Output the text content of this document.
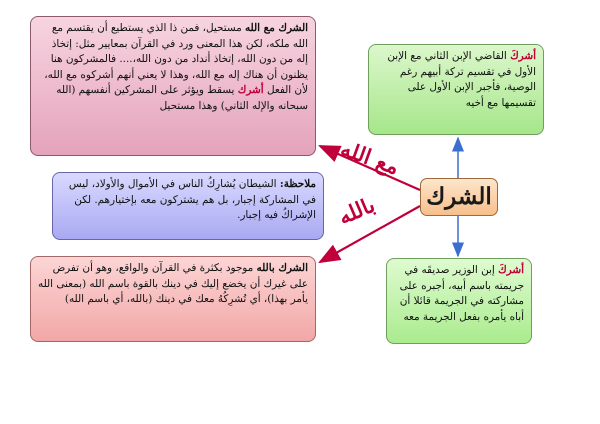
الشرك مع الله مستحيل، فمن ذا الذي يستطيع أن يقتسم مع الله ملكه، لكن هذا المعنى ورد في القرآن بمعايير مثل: إتخاذ إله من دون الله، إتخاذ أنداد من دون الله،.... فالمشركون هنا يظنون أن هناك إله مع الله، وهذا لا يعني أنهم أشركوه مع الله، لأن الفعل أشرك يسقط ويؤثر على المشركين أنفسهم (الله سبحانه والإله الثاني) وهذا مستحيل

أشركَ القاضي الإبن الثاني مع الإبن الأول في تقسيم تركة أبيهم رغم الوصية، فأجبر الإبن الأول على تقسيمها مع أخيه

ملاحظة: الشيطان يُشارِكُ الناس في الأموال والأولاد، ليس في المشاركة إجبار، بل هم يشتركون معه بإختيارهم. لكن الإشراكُ فيه إجبار.

الشرك بالله موجود بكثرة في القرآن والواقع، وهو أن تفرض على غيرك أن يخضع إليك في دينك بالقوة باسم الله (بمعنى الله يأمر بهذا)، أي تُشرِكُهُ معك في دينك (بالله، أي باسم الله)

أشركَ إبن الوزير صديقَه في جريمته باسم أبيه، أجبره على مشاركته في الجريمة قائلا أن أباه يأمره بفعل الجريمة معه

الشرك
مع الله
بالله
